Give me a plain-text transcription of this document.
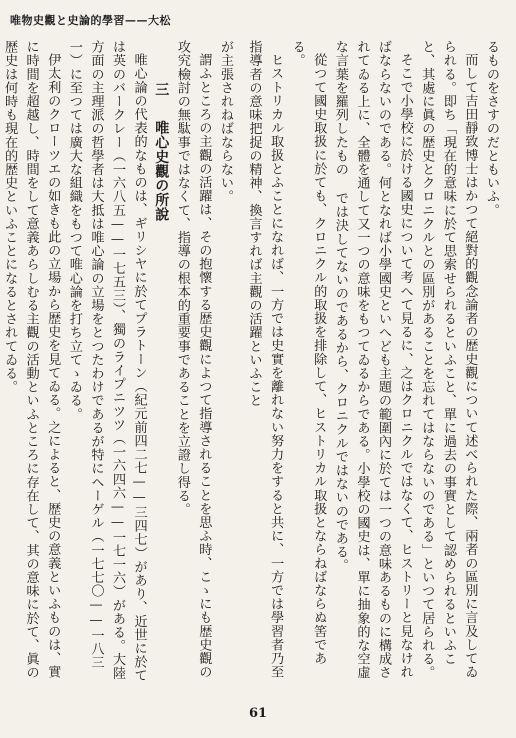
唯物史觀と史論的學習——大松

るものをさすのだともいふ。

而して吉田靜致博士はかつて絕對的觀念論者の歴史觀について述べられた際、兩者の區別に言及してゐられる。即ち「現在的意味に於て思索せられるといふこと、單に過去の事實として認められるといふこと、其處に眞の歴史とクロニクルとの區別があることを忘れてはならないのである」といつて居られる。

そこで小學校に於ける國史について考へて見るに、之はクロニクルではなくて、ヒストリーと見なければならないのである。何となれば小學國史といへども主題の範圍內に於ては一つの意味あるものに構成されてゐる上に、全體を通して又一つの意味をもつてゐるからである。小學校の國史は、單に抽象的な空虛な言葉を羅列したもの では決してないのであるから、クロニクルではないのである。

從つて國史取扱に於ても、クロニクル的取扱を排除して、ヒストリカル取扱とならねばならぬ筈である。

ヒストリカル取扱とふことになれば、一方では史實を離れない努力をすると共に、一方では學習者乃至指導者の意味把捉の精神、換言すれば主觀の活躍といふこと

が主張されねばならない。

謂ふところの主觀の活躍は、その抱懷する歴史觀によつて指導されることを思ふ時、こゝにも歴史觀の攻究檢討の無駄事ではなくて、指導の根本的重要事であることを立證し得る。

三　唯心史觀の所說

唯心論の代表的なものは、ギリシヤに於てプラトーン（紀元前四二七——三四七）があり、近世に於ては英のバークレー（一六八五——一七五三）、獨のライプニツツ（一六四六——一七一六）がある。大陸方面の主理派の哲學者は大抵は唯心論の立場をとつたわけであるが特にヘーゲル（一七七〇——一八三一）に至つては廣大な組織をもつて唯心論を打ち立てゝゐる。

伊太利のクローツエの如きも此の立場から歴史を見てゐる。之によると、歴史の意義といふものは、實に時間を超越し、時間をして意義あらしむる主觀の活動といふところに存在して、其の意味に於て、眞の歴史は何時も現在的歴史といふことになるとされてゐる。

61
